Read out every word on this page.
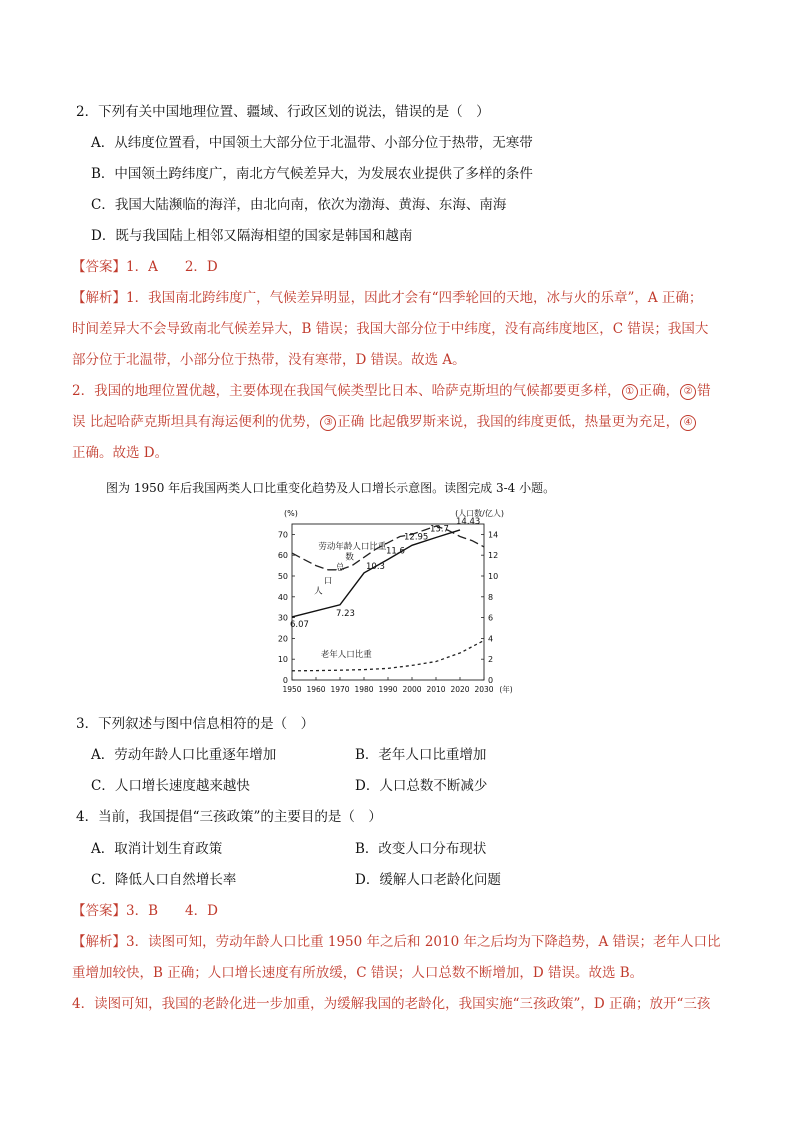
2．下列有关中国地理位置、疆域、行政区划的说法，错误的是（　）
A．从纬度位置看，中国领土大部分位于北温带、小部分位于热带，无寒带
B．中国领土跨纬度广，南北方气候差异大，为发展农业提供了多样的条件
C．我国大陆濒临的海洋，由北向南，依次为渤海、黄海、东海、南海
D．既与我国陆上相邻又隔海相望的国家是韩国和越南
【答案】1．A　　2．D
【解析】1．我国南北跨纬度广，气候差异明显，因此才会有“四季轮回的天地，冰与火的乐章”，A 正确；
时间差异大不会导致南北气候差异大，B 错误；我国大部分位于中纬度，没有高纬度地区，C 错误；我国大
部分位于北温带，小部分位于热带，没有寒带，D 错误。故选 A。
2．我国的地理位置优越，主要体现在我国气候类型比日本、哈萨克斯坦的气候都要更多样， ① 正确， ② 错
误 比起哈萨克斯坦具有海运便利的优势， ③ 正确 比起俄罗斯来说，我国的纬度更低，热量更为充足， ④
正确。故选 D。
图为 1950 年后我国两类人口比重变化趋势及人口增长示意图。读图完成 3-4 小题。
0
10
20
30
40
50
60
70
0
2
4
6
8
10
12
14
1950 1960 1970 1980 1990 2000 2010 2020 2030 (年)
(%)	(人口数/亿人)
劳动年龄人口比重
6.07
7.23
10.3
11.6
12.95
13.7
14.43
人
口
总
数
老年人口比重
3．下列叙述与图中信息相符的是（　）
A．劳动年龄人口比重逐年增加	B．老年人口比重增加
C．人口增长速度越来越快	D．人口总数不断减少
4．当前，我国提倡“三孩政策”的主要目的是（　）
A．取消计划生育政策	B．改变人口分布现状
C．降低人口自然增长率	D．缓解人口老龄化问题
【答案】3．B　　4．D
【解析】3．读图可知，劳动年龄人口比重 1950 年之后和 2010 年之后均为下降趋势，A 错误；老年人口比
重增加较快，B 正确；人口增长速度有所放缓，C 错误；人口总数不断增加，D 错误。故选 B。
4．读图可知，我国的老龄化进一步加重，为缓解我国的老龄化，我国实施“三孩政策”，D 正确；放开“三孩
